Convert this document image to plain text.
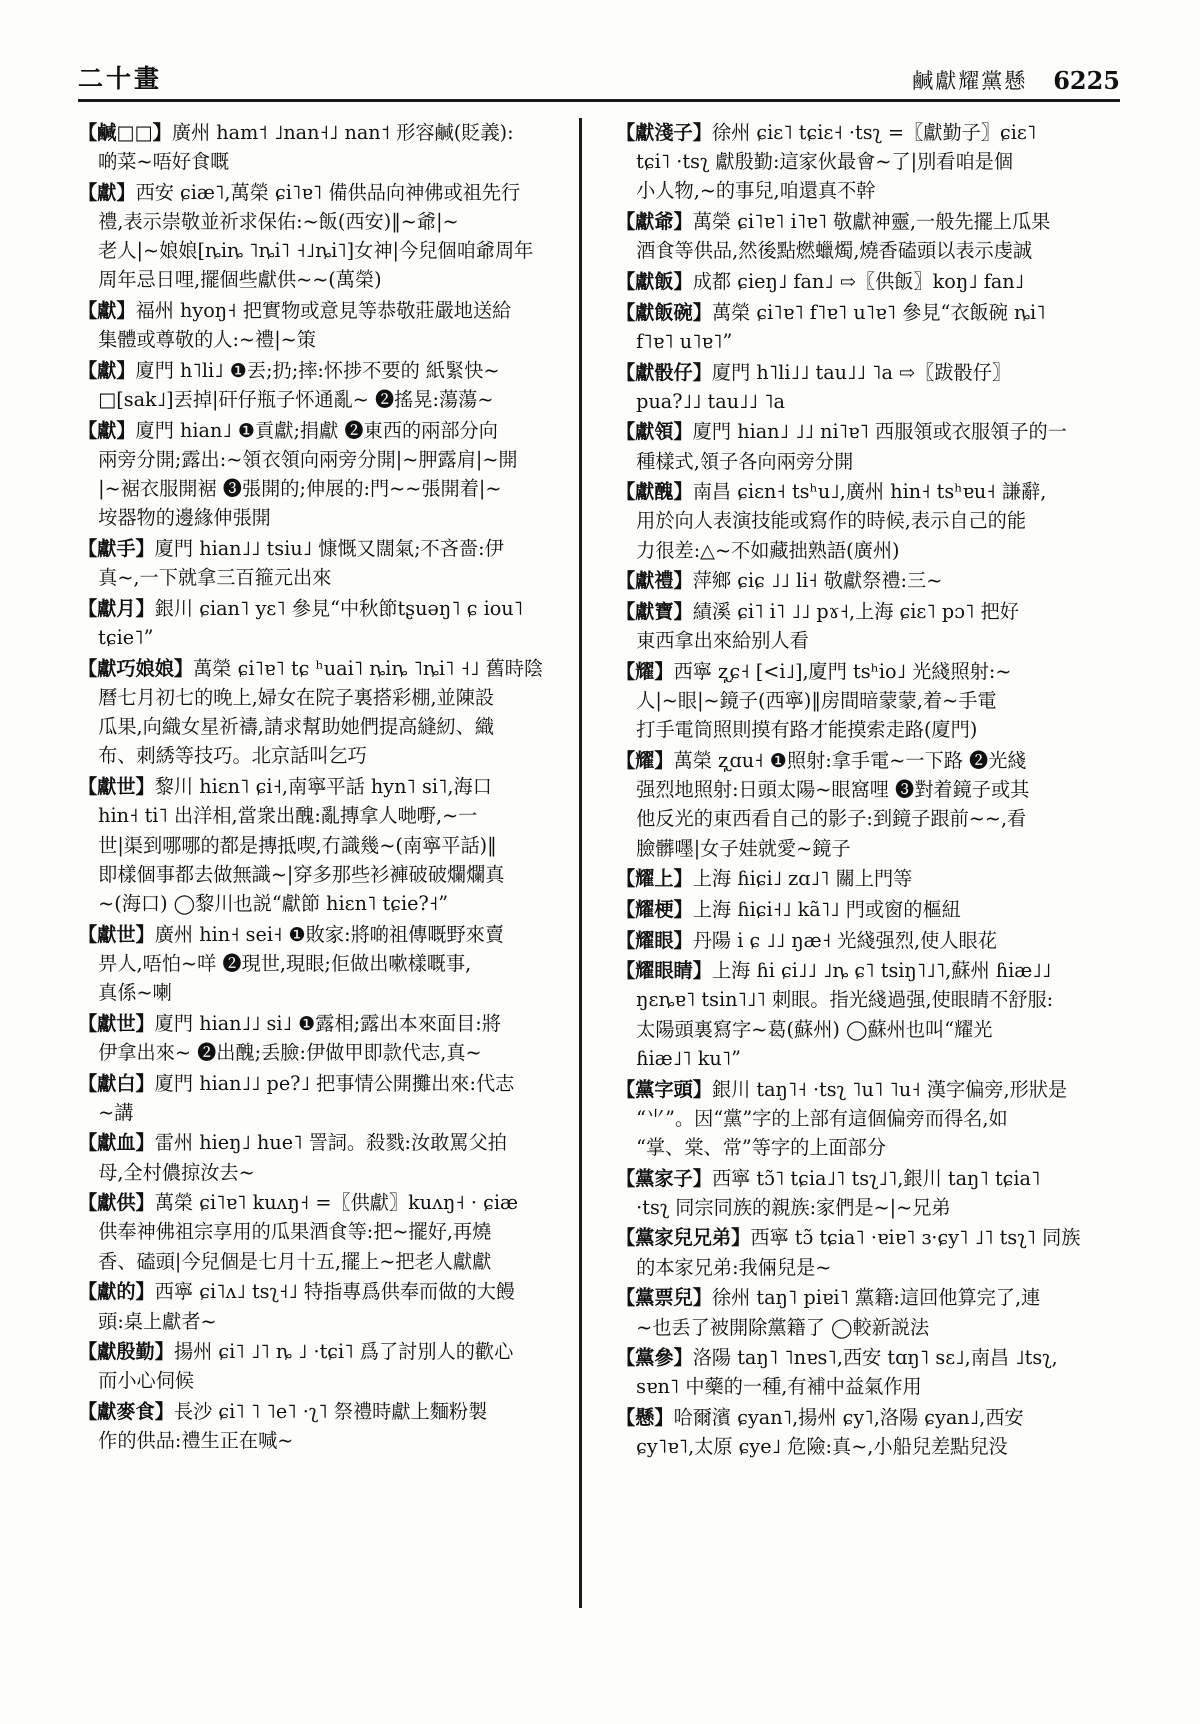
二十畫	鹹獻耀黨懸 6225
【鹹□□】廣州 ham˦ ˩nan˧˩ nan˦ 形容鹹(貶義):
啲菜~唔好食嘅
【獻】西安 ɕiæ˥,萬榮 ɕi˥ɐ˥ 備供品向神佛或祖先行
禮,表示崇敬並祈求保佑:~飯(西安)‖~爺|~
老人|~娘娘[ȵiȵ ˥ȵi˥ ˧˩ȵi˥]女神|今兒個咱爺周年
周年忌日哩,擺個些獻供~~(萬榮)
【獻】福州 hyoŋ˧ 把實物或意見等恭敬莊嚴地送給
集體或尊敬的人:~禮|~策
【獻】廈門 h˥li˩ ❶丟;扔;摔:怀捗不要的 紙緊快~
□[sak˩]丟掉|矸仔瓶子怀通亂~ ❷搖晃:蕩蕩~
【獻】廈門 hian˩ ❶貢獻;捐獻 ❷東西的兩部分向
兩旁分開;露出:~領衣領向兩旁分開|~胛露肩|~開
|~裾衣服開裾 ❸張開的;伸展的:門~~張開着|~
垵器物的邊緣伸張開
【獻手】廈門 hian˩˩ tsiu˩ 慷慨又闊氣;不吝嗇:伊
真~,一下就拿三百箍元出來
【獻月】銀川 ɕian˥ yɛ˥ 參見“中秋節tʂuəŋ˥ ɕ iou˥
tɕie˥”
【獻巧娘娘】萬榮 ɕi˥ɐ˥ tɕ ʰuai˥ ȵiȵ ˥ȵi˥ ˧˩ 舊時陰
曆七月初七的晚上,婦女在院子裏搭彩棚,並陳設
瓜果,向織女星祈禱,請求幫助她們提高縫紉、織
布、刺綉等技巧。北京話叫乞巧
【獻世】黎川 hiɛn˥ ɕi˧,南寧平話 hyn˥ si˥,海口
hin˧ ti˥ 出洋相,當衆出醜:亂摶拿人哋嘢,~一
世|渠到哪哪的都是摶抵喫,冇識幾~(南寧平話)‖
即樣個事都去做無識~|穿多那些衫褲破破爛爛真
~(海口) ◯黎川也説“獻節 hiɛn˥ tɕie?˧”
【獻世】廣州 hin˧ sei˧ ❶敗家:將啲祖傳嘅野來賣
畀人,唔怕~咩 ❷現世,現眼;佢做出嗽樣嘅事,
真係~喇
【獻世】廈門 hian˩˩ si˩ ❶露相;露出本來面目:將
伊拿出來~ ❷出醜;丢臉:伊做甲即款代志,真~
【獻白】廈門 hian˩˩ pe?˩ 把事情公開攤出來:代志
~講
【獻血】雷州 hieŋ˩ hue˥ 詈詞。殺戮:汝敢罵父拍
母,全村儂掠汝去~
【獻供】萬榮 ɕi˥ɐ˥ kuʌŋ˧ =〖供獻〗kuʌŋ˧ · ɕiæ
供奉神佛祖宗享用的瓜果酒食等:把~擺好,再燒
香、磕頭|今兒個是七月十五,擺上~把老人獻獻
【獻的】西寧 ɕi˥ʌ˩ tsʅ˧˩ 特指專爲供奉而做的大饅
頭:桌上獻者~
【獻殷勤】揚州 ɕi˥ ˩˥ ȵ ˩ ·tɕi˥ 爲了討別人的歡心
而小心伺候
【獻麥食】長沙 ɕi˥ ˥ ˥e˥ ·ʅ˥ 祭禮時獻上麵粉製
作的供品:禮生正在喊~
【獻淺子】徐州 ɕiɛ˥ tɕiɛ˧ ·tsʅ =〖獻勤子〗ɕiɛ˥
tɕi˥ ·tsʅ 獻殷勤:這家伙最會~了|別看咱是個
小人物,~的事兒,咱還真不幹
【獻爺】萬榮 ɕi˥ɐ˥ i˥ɐ˥ 敬獻神靈,一般先擺上瓜果
酒食等供品,然後點燃蠟燭,燒香磕頭以表示虔誠
【獻飯】成都 ɕieŋ˩ fan˩ ⇨〖供飯〗koŋ˩ fan˩
【獻飯碗】萬榮 ɕi˥ɐ˥ f˥ɐ˥ u˥ɐ˥ 參見“衣飯碗 ȵi˥
f˥ɐ˥ u˥ɐ˥”
【獻骰仔】廈門 h˥li˩˩ tau˩˩ ˥a ⇨〖跋骰仔〗
pua?˩˩ tau˩˩ ˥a
【獻領】廈門 hian˩ ˩˩ ni˥ɐ˥ 西服領或衣服領子的一
種樣式,領子各向兩旁分開
【獻醜】南昌 ɕiɛn˧ tsʰu˩,廣州 hin˧ tsʰɐu˧ 謙辭,
用於向人表演技能或寫作的時候,表示自己的能
力很差:△~不如藏拙熟語(廣州)
【獻禮】萍鄉 ɕiɕ ˩˩ li˧ 敬獻祭禮:三~
【獻寶】績溪 ɕi˥ i˥ ˩˩ pɤ˧,上海 ɕiɛ˥ pɔ˥ 把好
東西拿出來給别人看
【耀】西寧 ʐ̩ɕ˧ [<i˩],廈門 tsʰio˩ 光綫照射:~
人|~眼|~鏡子(西寧)‖房間暗蒙蒙,着~手電
打手電筒照則摸有路才能摸索走路(廈門)
【耀】萬榮 ʐ̩ɑu˧ ❶照射:拿手電~一下路 ❷光綫
强烈地照射:日頭太陽~眼窩哩 ❸對着鏡子或其
他反光的東西看自己的影子:到鏡子跟前~~,看
臉髒嚜|女子娃就愛~鏡子
【耀上】上海 ɦiɕi˩ zɑ˩˥ 關上門等
【耀梗】上海 ɦiɕi˧˩ kã˥˩ 門或窗的樞紐
【耀眼】丹陽 i ɕ ˩˩ ŋæ˧ 光綫强烈,使人眼花
【耀眼睛】上海 ɦi ɕi˩˩ ˩ȵ ɕ˥ tsiŋ˥˩˥,蘇州 ɦiæ˩˩
ŋɛȵɐ˥ tsin˥˩˥ 刺眼。指光綫過强,使眼睛不舒服:
太陽頭裏寫字~葛(蘇州) ◯蘇州也叫“耀光
ɦiæ˩˥ ku˥”
【黨字頭】銀川 taŋ˥˧ ·tsʅ ˥u˥ ˥u˧ 漢字偏旁,形狀是
“⺌”。因“黨”字的上部有這個偏旁而得名,如
“掌、棠、常”等字的上面部分
【黨家子】西寧 tɔ̃˥ tɕia˩˥ tsʅ˩˥,銀川 taŋ˥ tɕia˥
·tsʅ 同宗同族的親族:家們是~|~兄弟
【黨家兒兄弟】西寧 tɔ̃ tɕia˥ ·ɐiɐ˥ ɜ·ɕy˥ ˩˥ tsʅ˥ 同族
的本家兄弟:我倆兒是~
【黨票兒】徐州 taŋ˥ piɐi˥ 黨籍:這回他算完了,連
~也丢了被開除黨籍了 ◯較新説法
【黨參】洛陽 taŋ˥ ˥nɐs˥,西安 tɑŋ˥ sɛ˩,南昌 ˩tsʅ,
sɐn˥ 中藥的一種,有補中益氣作用
【懸】哈爾濱 ɕyan˥,揚州 ɕy˥,洛陽 ɕyan˩,西安
ɕy˥ɐ˥,太原 ɕye˩ 危險:真~,小船兒差點兒没
